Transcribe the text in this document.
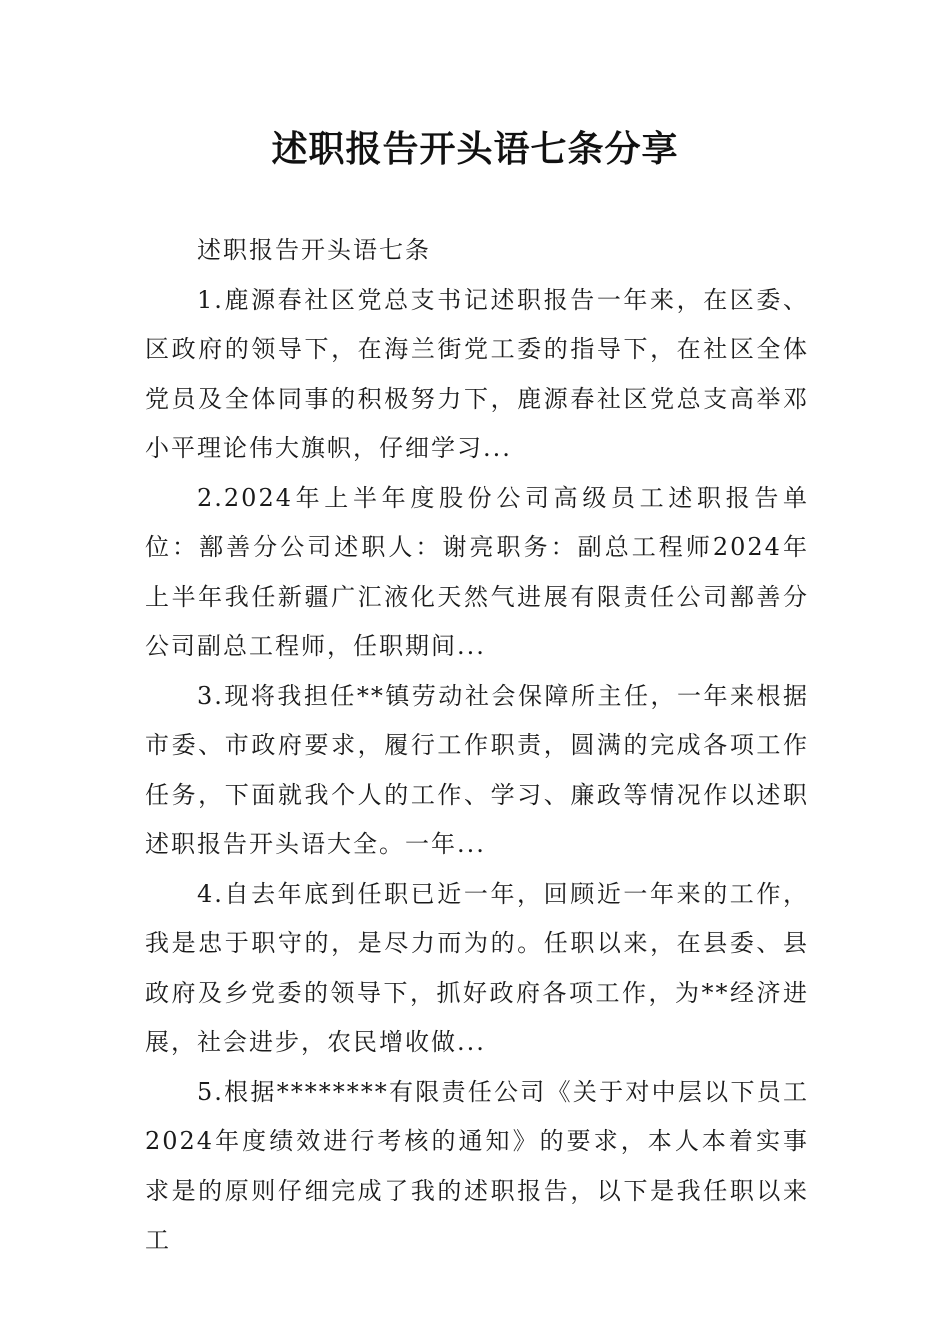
述职报告开头语七条分享

述职报告开头语七条

1.鹿源春社区党总支书记述职报告一年来，在区委、区政府的领导下，在海兰街党工委的指导下，在社区全体党员及全体同事的积极努力下，鹿源春社区党总支高举邓小平理论伟大旗帜，仔细学习...

2.2024年上半年度股份公司高级员工述职报告单位：鄯善分公司述职人：谢亮职务：副总工程师2024年上半年我任新疆广汇液化天然气进展有限责任公司鄯善分公司副总工程师，任职期间...

3.现将我担任**镇劳动社会保障所主任，一年来根据市委、市政府要求，履行工作职责，圆满的完成各项工作任务，下面就我个人的工作、学习、廉政等情况作以述职述职报告开头语大全。一年...

4.自去年底到任职已近一年，回顾近一年来的工作，我是忠于职守的，是尽力而为的。任职以来，在县委、县政府及乡党委的领导下，抓好政府各项工作，为**经济进展，社会进步，农民增收做...

5.根据********有限责任公司《关于对中层以下员工2024年度绩效进行考核的通知》的要求，本人本着实事求是的原则仔细完成了我的述职报告，以下是我任职以来工
